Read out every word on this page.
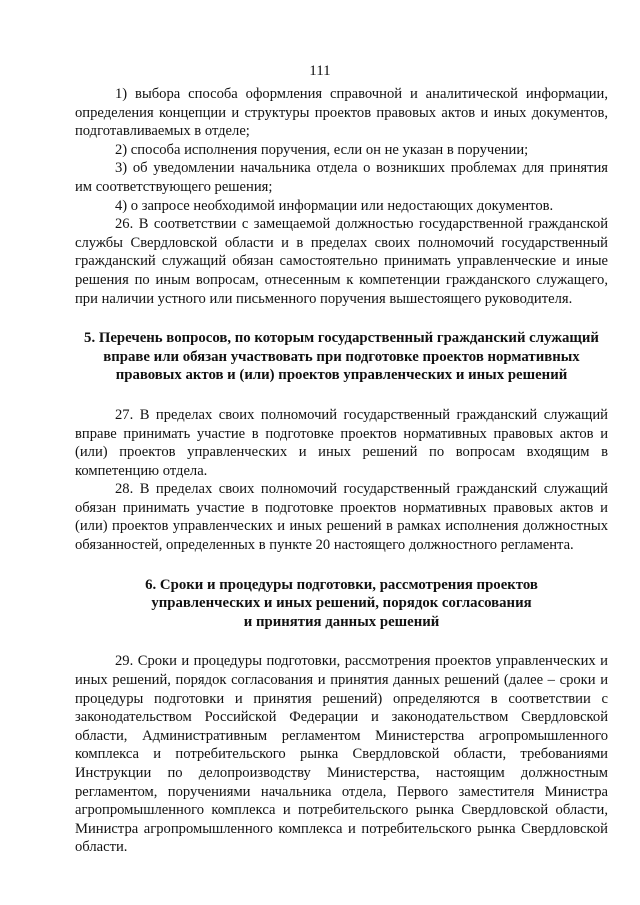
111

1) выбора способа оформления справочной и аналитической информации, определения концепции и структуры проектов правовых актов и иных документов, подготавливаемых в отделе;

2) способа исполнения поручения, если он не указан в поручении;

3) об уведомлении начальника отдела о возникших проблемах для принятия им соответствующего решения;

4) о запросе необходимой информации или недостающих документов.

26. В соответствии с замещаемой должностью государственной гражданской службы Свердловской области и в пределах своих полномочий государственный гражданский служащий обязан самостоятельно принимать управленческие и иные решения по иным вопросам, отнесенным к компетенции гражданского служащего, при наличии устного или письменного поручения вышестоящего руководителя.

5. Перечень вопросов, по которым государственный гражданский служащий
вправе или обязан участвовать при подготовке проектов нормативных
правовых актов и (или) проектов управленческих и иных решений

27. В пределах своих полномочий государственный гражданский служащий вправе принимать участие в подготовке проектов нормативных правовых актов и (или) проектов управленческих и иных решений по вопросам входящим в компетенцию отдела.

28. В пределах своих полномочий государственный гражданский служащий обязан принимать участие в подготовке проектов нормативных правовых актов и (или) проектов управленческих и иных решений в рамках исполнения должностных обязанностей, определенных в пункте 20 настоящего должностного регламента.

6. Сроки и процедуры подготовки, рассмотрения проектов
управленческих и иных решений, порядок согласования
и принятия данных решений

29. Сроки и процедуры подготовки, рассмотрения проектов управленческих и иных решений, порядок согласования и принятия данных решений (далее – сроки и процедуры подготовки и принятия решений) определяются в соответствии с законодательством Российской Федерации и законодательством Свердловской области, Административным регламентом Министерства агропромышленного комплекса и потребительского рынка Свердловской области, требованиями Инструкции по делопроизводству Министерства, настоящим должностным регламентом, поручениями начальника отдела, Первого заместителя Министра агропромышленного комплекса и потребительского рынка Свердловской области, Министра агропромышленного комплекса и потребительского рынка Свердловской области.
